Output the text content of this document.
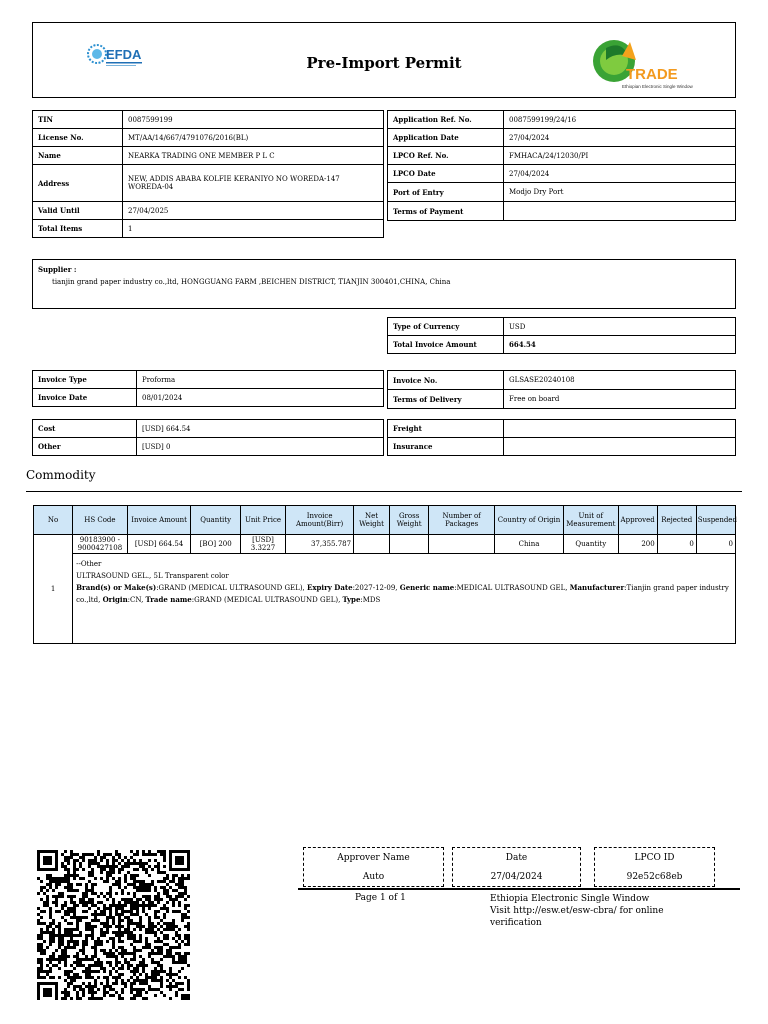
EFDA	Pre-Import Permit
TRADE
Ethiopian Electronic Single Window
TIN	0087599199
License No.	MT/AA/14/667/4791076/2016(BL)
Name	NEARKA TRADING ONE MEMBER P L C
Address	NEW, ADDIS ABABA KOLFIE KERANIYO NO WOREDA-147
WOREDA-04

Valid Until	27/04/2025
Total Items	1
Application Ref. No.	0087599199/24/16
Application Date	27/04/2024
LPCO Ref. No.	FMHACA/24/12030/PI
LPCO Date	27/04/2024
Port of Entry	Modjo Dry Port
Terms of Payment	
Supplier :
tianjin grand paper industry co.,ltd, HONGGUANG FARM ,BEICHEN DISTRICT, TIANJIN 300401,CHINA, China
Type of Currency	USD
Total Invoice Amount	664.54
Invoice Type	Proforma
Invoice Date	08/01/2024
Invoice No.	GLSASE20240108
Terms of Delivery	Free on board
Cost	[USD] 664.54
Other	[USD] 0
Freight	
Insurance	
Commodity
No	HS Code	Invoice Amount	Quantity	Unit Price	Invoice Amount(Birr)	Net Weight	Gross Weight	Number of Packages	Country of Origin	Unit of Measurement	Approved	Rejected	Suspended
1	90183900 - 9000427108	[USD] 664.54	[BO] 200	[USD] 3.3227	37,355.787				China	Quantity	200	0	0

	--Other
ULTRASOUND GEL., 5L Transparent color
Brand(s) or Make(s):GRAND (MEDICAL ULTRASOUND GEL), Expiry Date:2027-12-09, Generic name:MEDICAL ULTRASOUND GEL, Manufacturer:Tianjin grand paper industry co.,ltd, Origin:CN, Trade name:GRAND (MEDICAL ULTRASOUND GEL), Type:MDS												
Approver Name
Auto
Date
27/04/2024
LPCO ID
92e52c68eb
Page 1 of 1	Ethiopia Electronic Single Window
Visit http://esw.et/esw-cbra/ for online
verification
